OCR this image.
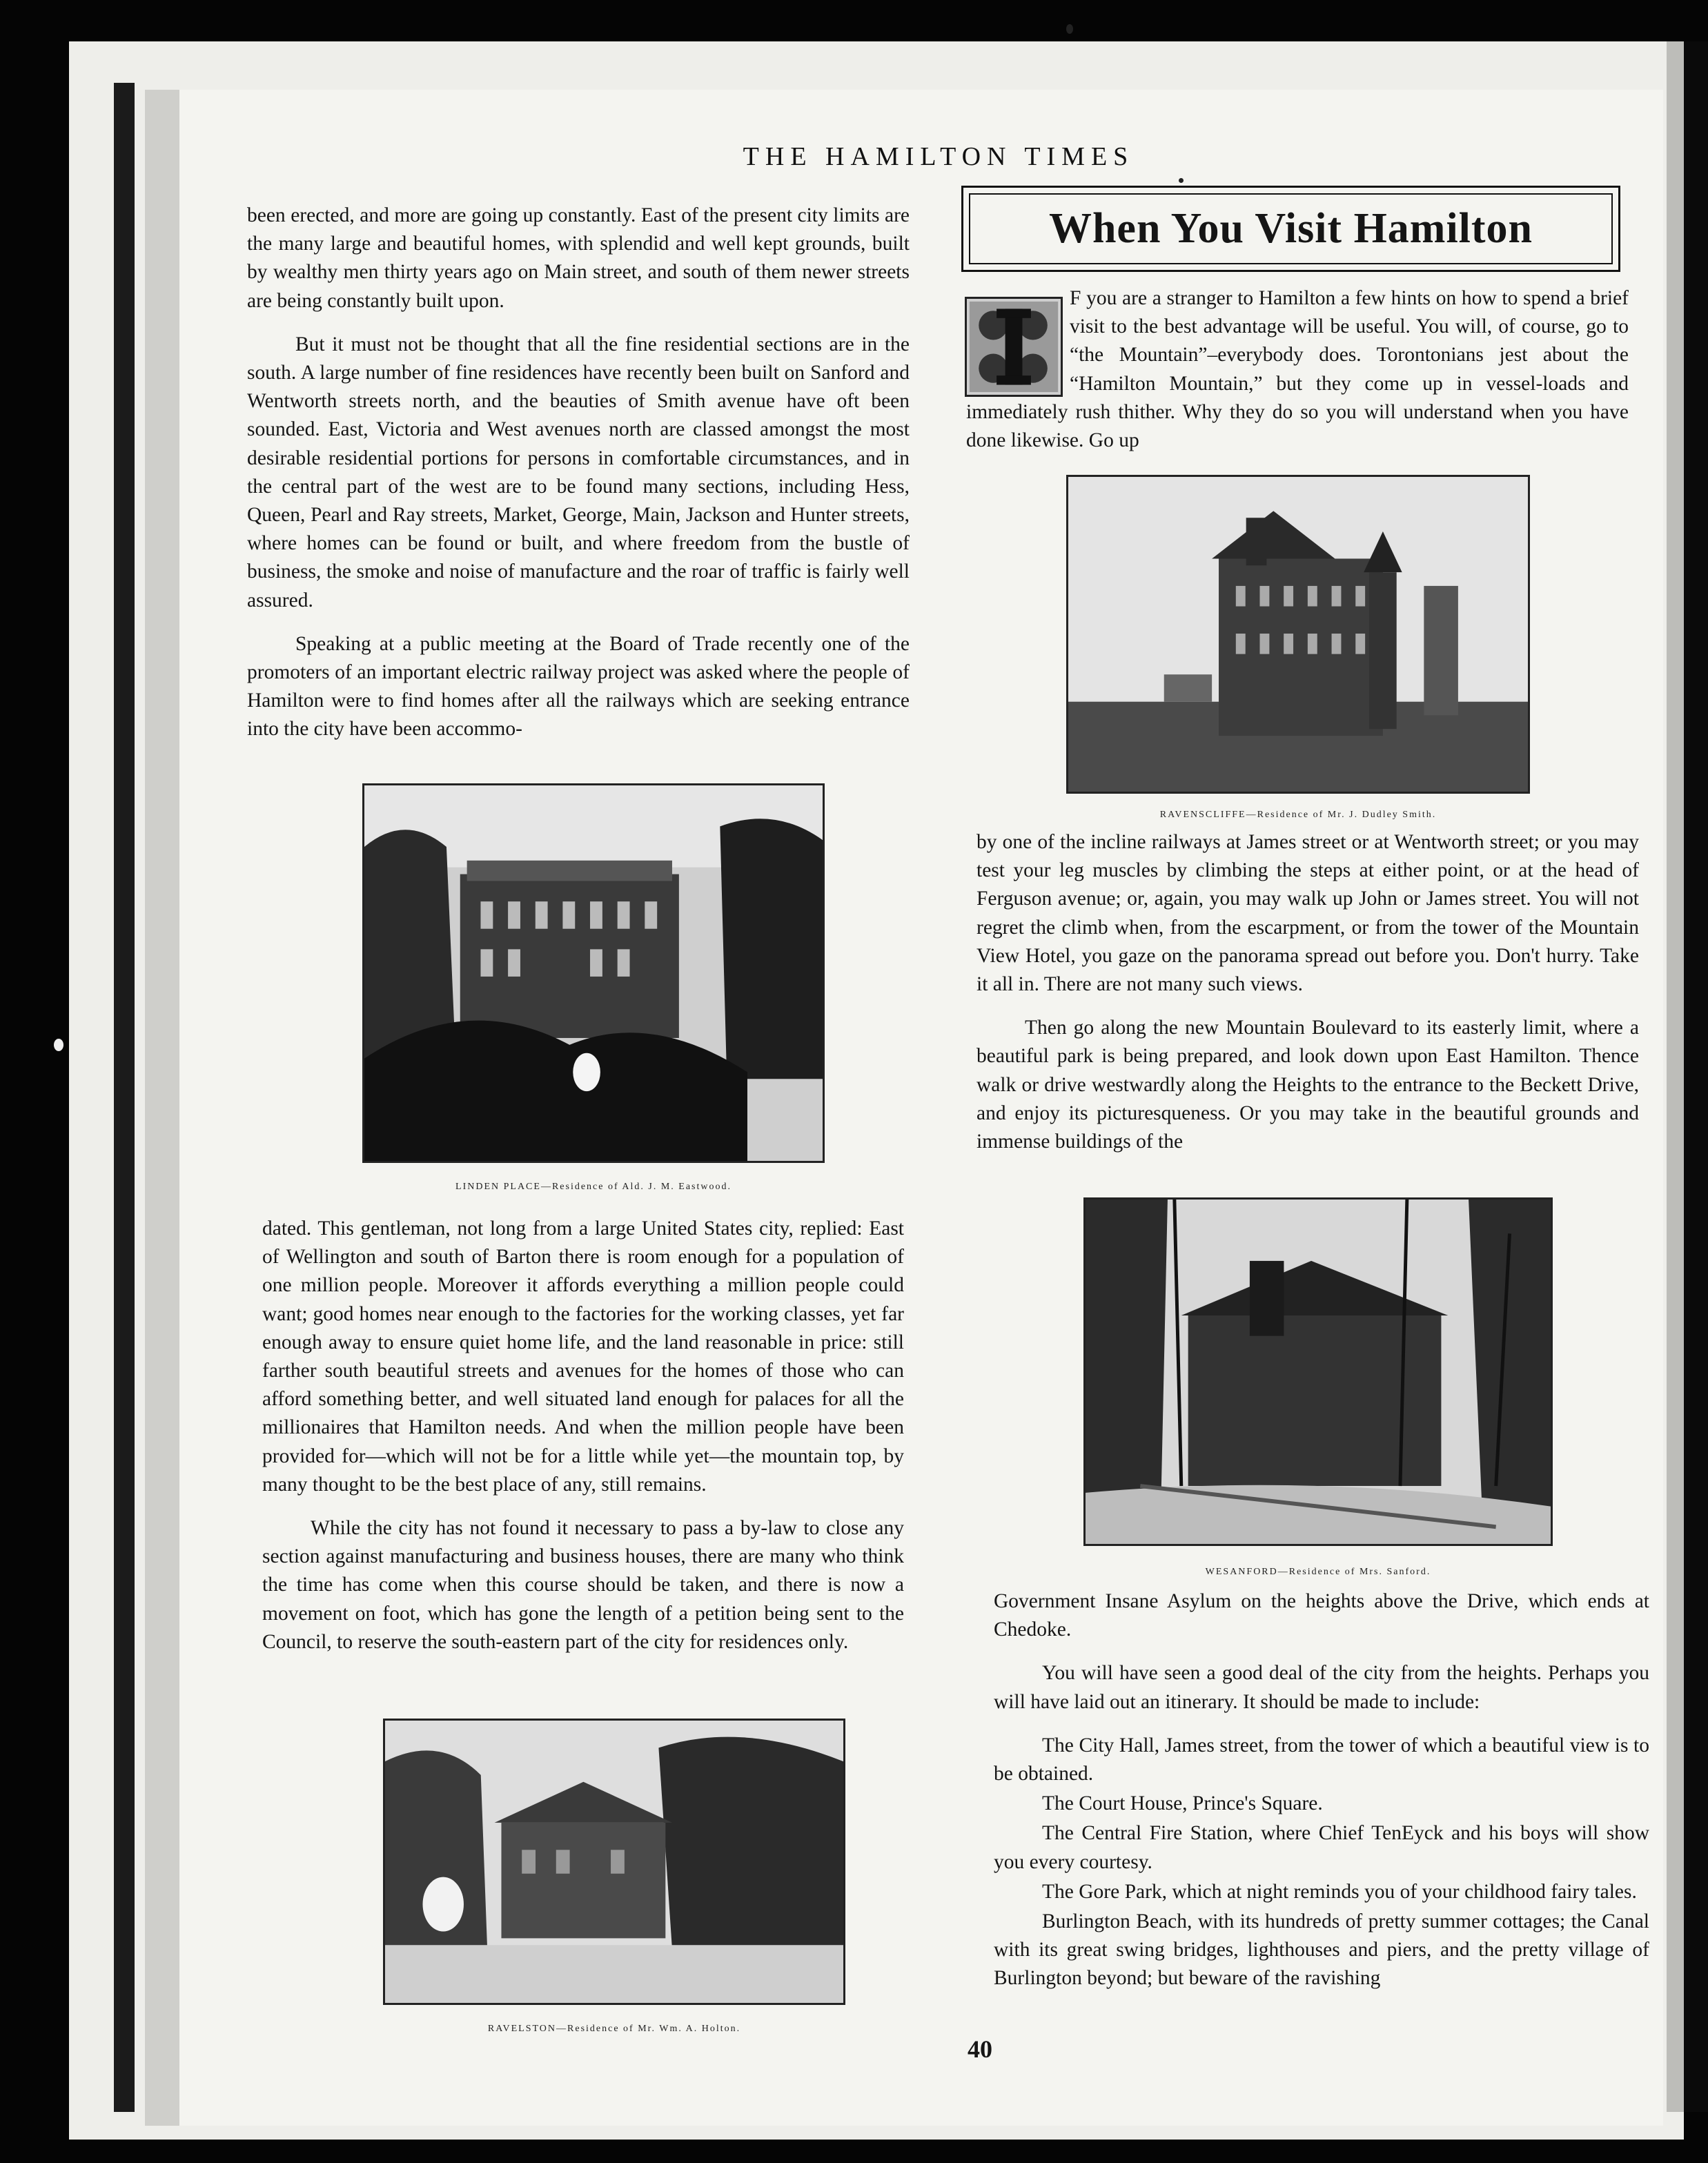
THE HAMILTON TIMES

been erected, and more are going up constantly. East of the present city limits are the many large and beautiful homes, with splendid and well kept grounds, built by wealthy men thirty years ago on Main street, and south of them newer streets are being constantly built upon.

But it must not be thought that all the fine residential sections are in the south. A large number of fine residences have recently been built on Sanford and Wentworth streets north, and the beauties of Smith avenue have oft been sounded. East, Victoria and West avenues north are classed amongst the most desirable residential portions for persons in comfortable circumstances, and in the central part of the west are to be found many sections, including Hess, Queen, Pearl and Ray streets, Market, George, Main, Jackson and Hunter streets, where homes can be found or built, and where freedom from the bustle of business, the smoke and noise of manufacture and the roar of traffic is fairly well assured.

Speaking at a public meeting at the Board of Trade recently one of the promoters of an important electric railway project was asked where the people of Hamilton were to find homes after all the railways which are seeking entrance into the city have been accommo-

LINDEN PLACE—Residence of Ald. J. M. Eastwood.

dated. This gentleman, not long from a large United States city, replied: East of Wellington and south of Barton there is room enough for a population of one million people. Moreover it affords everything a million people could want; good homes near enough to the factories for the working classes, yet far enough away to ensure quiet home life, and the land reasonable in price: still farther south beautiful streets and avenues for the homes of those who can afford something better, and well situated land enough for palaces for all the millionaires that Hamilton needs. And when the million people have been provided for—which will not be for a little while yet—the mountain top, by many thought to be the best place of any, still remains.

While the city has not found it necessary to pass a by-law to close any section against manufacturing and business houses, there are many who think the time has come when this course should be taken, and there is now a movement on foot, which has gone the length of a petition being sent to the Council, to reserve the south-eastern part of the city for residences only.

RAVELSTON—Residence of Mr. Wm. A. Holton.
When You Visit Hamilton

F you are a stranger to Hamilton a few hints on how to spend a brief visit to the best advantage will be useful. You will, of course, go to “the Mountain”–everybody does. Torontonians jest about the “Hamilton Mountain,” but they come up in vessel-loads and immediately rush thither. Why they do so you will understand when you have done likewise. Go up

RAVENSCLIFFE—Residence of Mr. J. Dudley Smith.

by one of the incline railways at James street or at Wentworth street; or you may test your leg muscles by climbing the steps at either point, or at the head of Ferguson avenue; or, again, you may walk up John or James street. You will not regret the climb when, from the escarpment, or from the tower of the Mountain View Hotel, you gaze on the panorama spread out before you. Don't hurry. Take it all in. There are not many such views.

Then go along the new Mountain Boulevard to its easterly limit, where a beautiful park is being prepared, and look down upon East Hamilton. Thence walk or drive westwardly along the Heights to the entrance to the Beckett Drive, and enjoy its picturesqueness. Or you may take in the beautiful grounds and immense buildings of the

WESANFORD—Residence of Mrs. Sanford.

Government Insane Asylum on the heights above the Drive, which ends at Chedoke.

You will have seen a good deal of the city from the heights. Perhaps you will have laid out an itinerary. It should be made to include:

The City Hall, James street, from the tower of which a beautiful view is to be obtained.

The Court House, Prince's Square.

The Central Fire Station, where Chief TenEyck and his boys will show you every courtesy.

The Gore Park, which at night reminds you of your childhood fairy tales.

Burlington Beach, with its hundreds of pretty summer cottages; the Canal with its great swing bridges, lighthouses and piers, and the pretty village of Burlington beyond; but beware of the ravishing

40
